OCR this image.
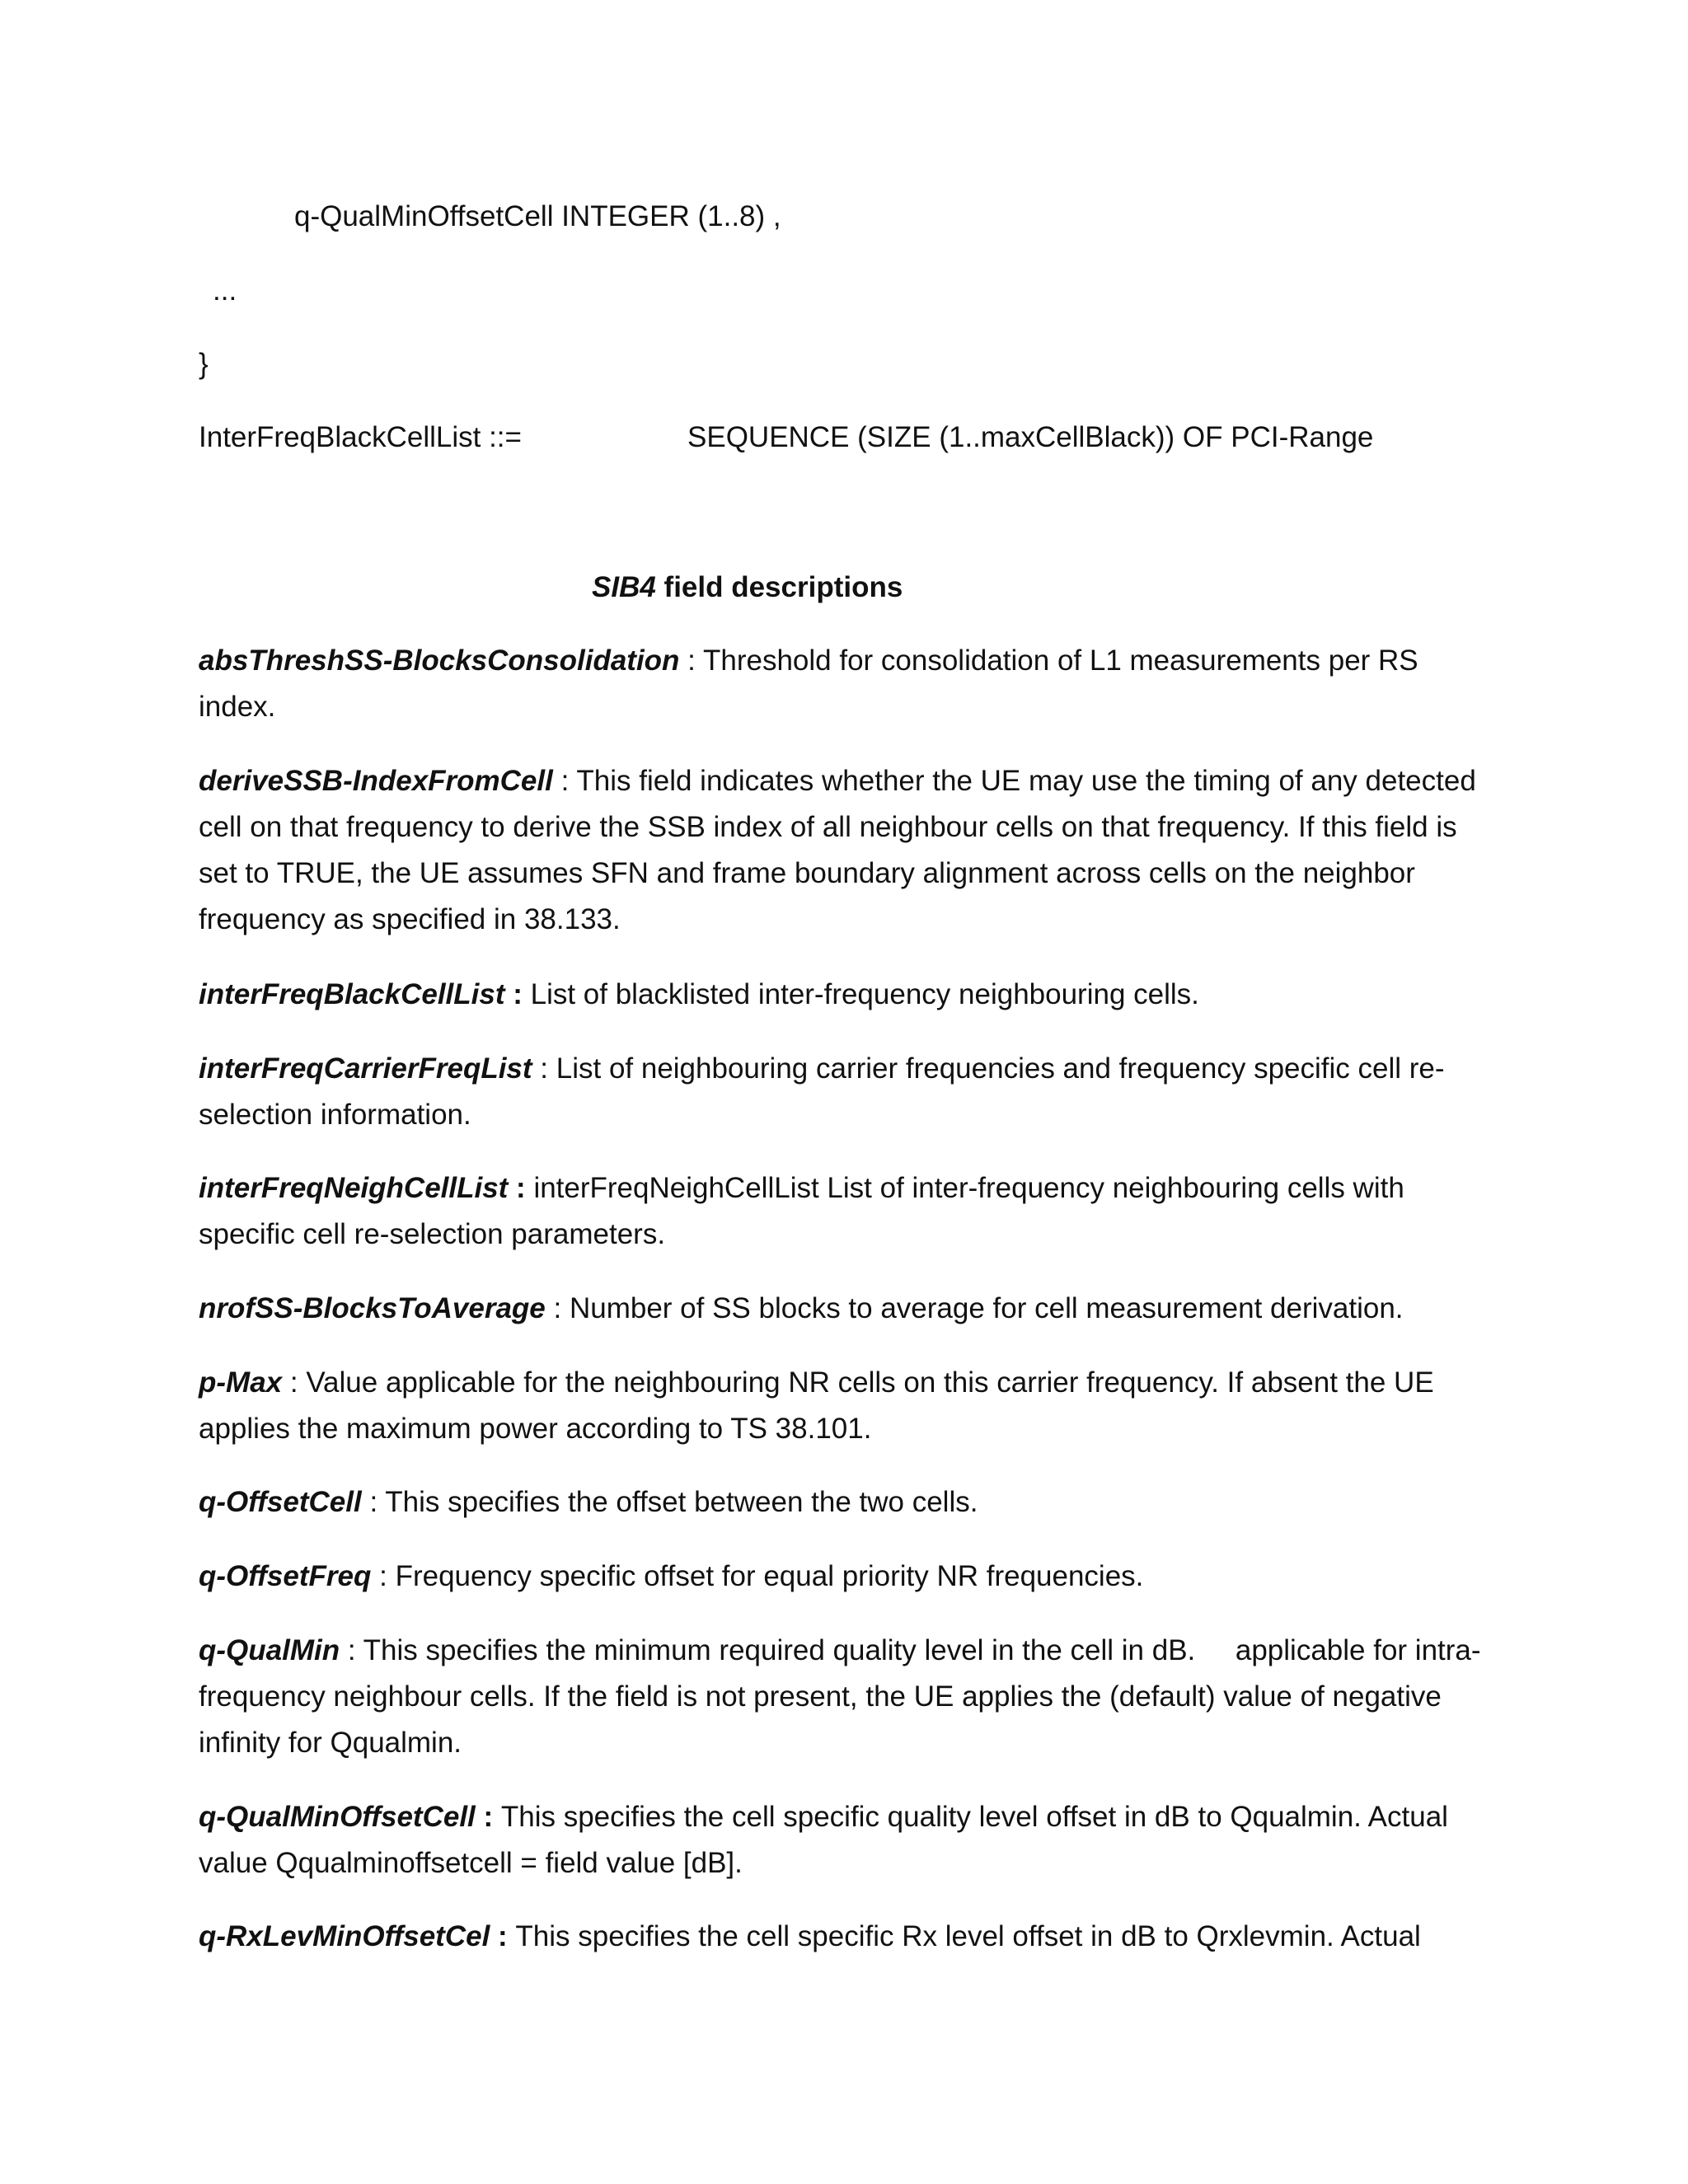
q-QualMinOffsetCell INTEGER (1..8) ,
...
}
InterFreqBlackCellList ::=	SEQUENCE (SIZE (1..maxCellBlack)) OF PCI-Range
SIB4 field descriptions
absThreshSS-BlocksConsolidation : Threshold for consolidation of L1 measurements per RS index.
deriveSSB-IndexFromCell : This field indicates whether the UE may use the timing of any detected cell on that frequency to derive the SSB index of all neighbour cells on that frequency. If this field is set to TRUE, the UE assumes SFN and frame boundary alignment across cells on the neighbor frequency as specified in 38.133.
interFreqBlackCellList : List of blacklisted inter-frequency neighbouring cells.
interFreqCarrierFreqList : List of neighbouring carrier frequencies and frequency specific cell re-selection information.
interFreqNeighCellList : interFreqNeighCellList List of inter-frequency neighbouring cells with specific cell re-selection parameters.
nrofSS-BlocksToAverage : Number of SS blocks to average for cell measurement derivation.
p-Max : Value applicable for the neighbouring NR cells on this carrier frequency. If absent the UE applies the maximum power according to TS 38.101.
q-OffsetCell : This specifies the offset between the two cells.
q-OffsetFreq : Frequency specific offset for equal priority NR frequencies.
q-QualMin : This specifies the minimum required quality level in the cell in dB.     applicable for intra-frequency neighbour cells. If the field is not present, the UE applies the (default) value of negative infinity for Qqualmin.
q-QualMinOffsetCell : This specifies the cell specific quality level offset in dB to Qqualmin. Actual value Qqualminoffsetcell = field value [dB].
q-RxLevMinOffsetCel : This specifies the cell specific Rx level offset in dB to Qrxlevmin. Actual
